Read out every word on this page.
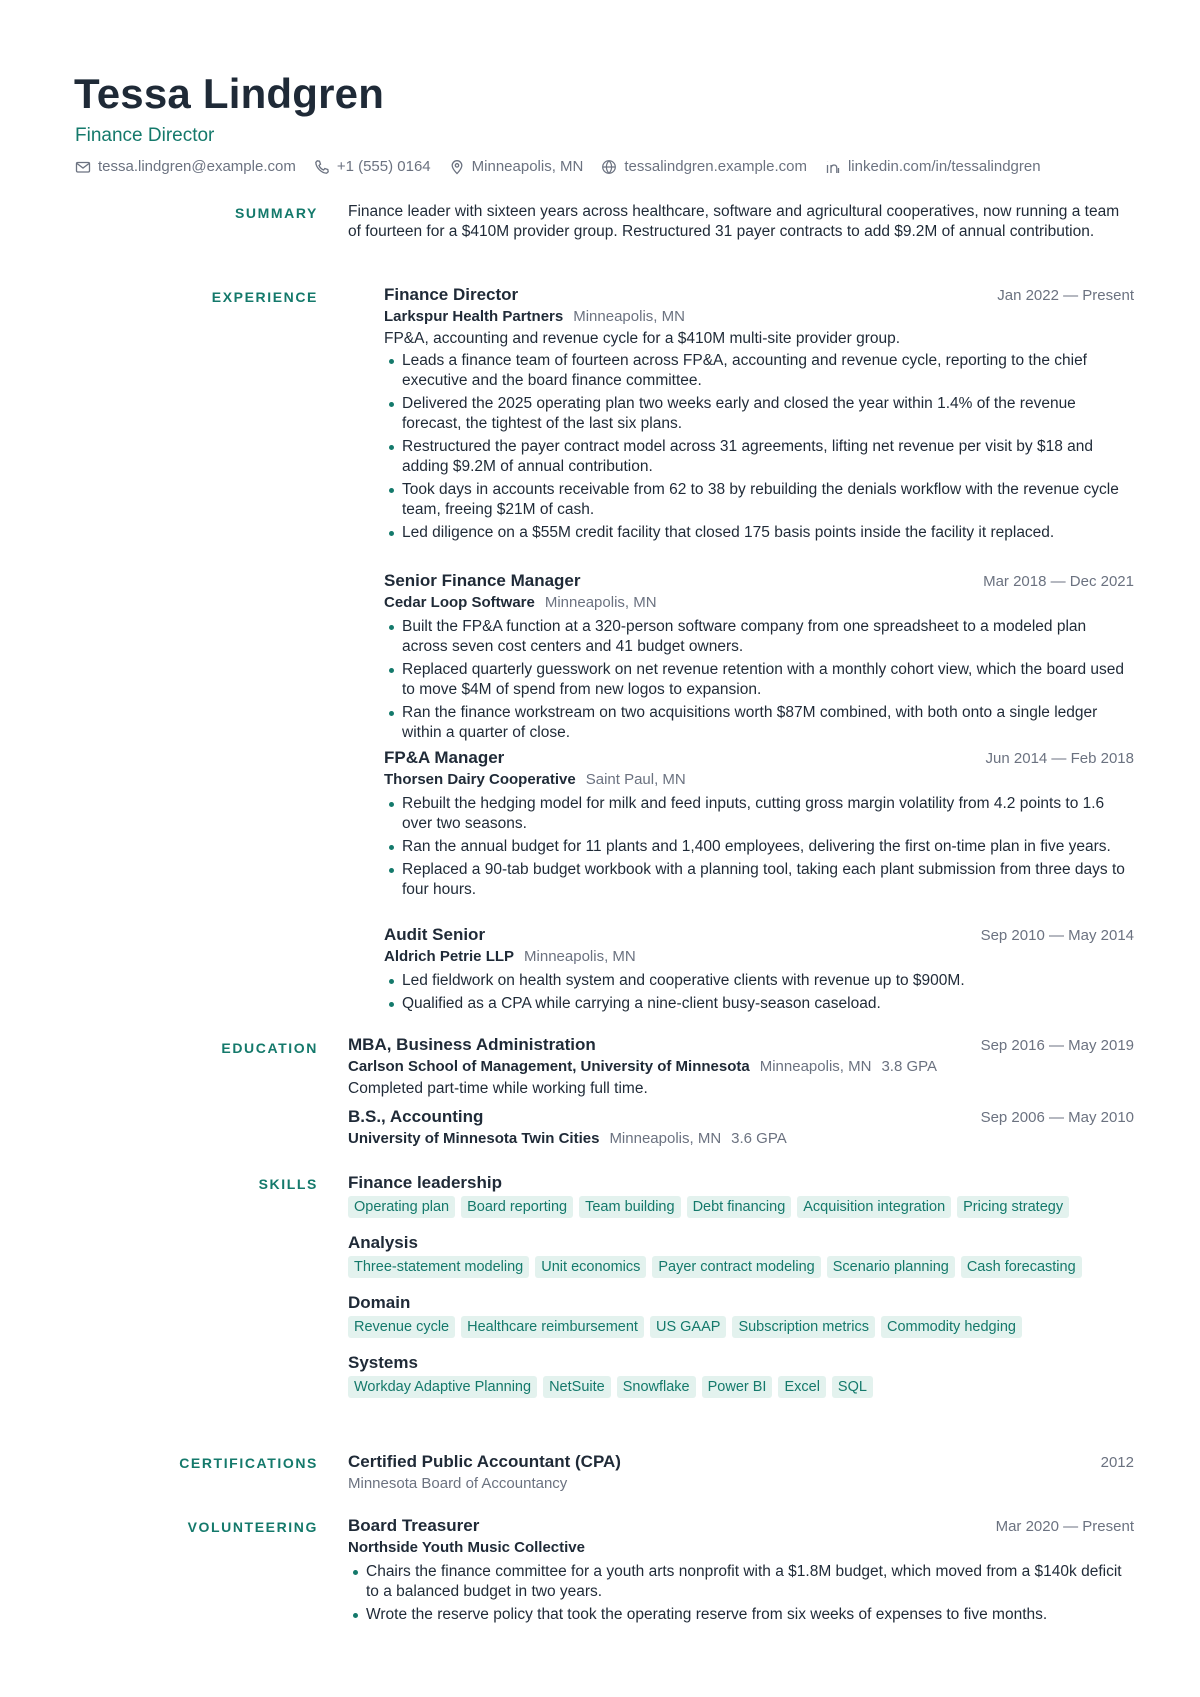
Tessa Lindgren
Finance Director
tessa.lindgren@example.com	+1 (555) 0164	Minneapolis, MN	tessalindgren.example.com	linkedin.com/in/tessalindgren
SUMMARY Finance leader with sixteen years across healthcare, software and agricultural cooperatives, now running a team of fourteen for a $410M provider group. Restructured 31 payer contracts to add $9.2M of annual contribution.

EXPERIENCE	Finance Director	Jan 2022 — Present
Larkspur Health Partners Minneapolis, MN

FP&A, accounting and revenue cycle for a $410M multi-site provider group.

Leads a finance team of fourteen across FP&A, accounting and revenue cycle, reporting to the chief executive and the board finance committee.
Delivered the 2025 operating plan two weeks early and closed the year within 1.4% of the revenue forecast, the tightest of the last six plans.
Restructured the payer contract model across 31 agreements, lifting net revenue per visit by $18 and adding $9.2M of annual contribution.
Took days in accounts receivable from 62 to 38 by rebuilding the denials workflow with the revenue cycle team, freeing $21M of cash.
Led diligence on a $55M credit facility that closed 175 basis points inside the facility it replaced.
Senior Finance Manager	Mar 2018 — Dec 2021
Cedar Loop Software Minneapolis, MN
Built the FP&A function at a 320-person software company from one spreadsheet to a modeled plan across seven cost centers and 41 budget owners.
Replaced quarterly guesswork on net revenue retention with a monthly cohort view, which the board used to move $4M of spend from new logos to expansion.
Ran the finance workstream on two acquisitions worth $87M combined, with both onto a single ledger within a quarter of close.
FP&A Manager	Jun 2014 — Feb 2018
Thorsen Dairy Cooperative Saint Paul, MN
Rebuilt the hedging model for milk and feed inputs, cutting gross margin volatility from 4.2 points to 1.6 over two seasons.
Ran the annual budget for 11 plants and 1,400 employees, delivering the first on-time plan in five years.
Replaced a 90-tab budget workbook with a planning tool, taking each plant submission from three days to four hours.
Audit Senior	Sep 2010 — May 2014
Aldrich Petrie LLP Minneapolis, MN
Led fieldwork on health system and cooperative clients with revenue up to $900M.
Qualified as a CPA while carrying a nine-client busy-season caseload.
EDUCATION MBA, Business Administration	Sep 2016 — May 2019
Carlson School of Management, University of Minnesota Minneapolis, MN 3.8 GPA

Completed part-time while working full time.

B.S., Accounting	Sep 2006 — May 2010
University of Minnesota Twin Cities Minneapolis, MN 3.6 GPA
SKILLS Finance leadership
Operating plan	Board reporting	Team building	Debt financing	Acquisition integration	Pricing strategy
Analysis
Three-statement modeling	Unit economics	Payer contract modeling	Scenario planning	Cash forecasting
Domain
Revenue cycle	Healthcare reimbursement	US GAAP	Subscription metrics	Commodity hedging
Systems
Workday Adaptive Planning	NetSuite	Snowflake	Power BI	Excel	SQL
CERTIFICATIONS Certified Public Accountant (CPA)	2012
Minnesota Board of Accountancy
VOLUNTEERING Board Treasurer	Mar 2020 — Present
Northside Youth Music Collective
Chairs the finance committee for a youth arts nonprofit with a $1.8M budget, which moved from a $140k deficit to a balanced budget in two years.
Wrote the reserve policy that took the operating reserve from six weeks of expenses to five months.
